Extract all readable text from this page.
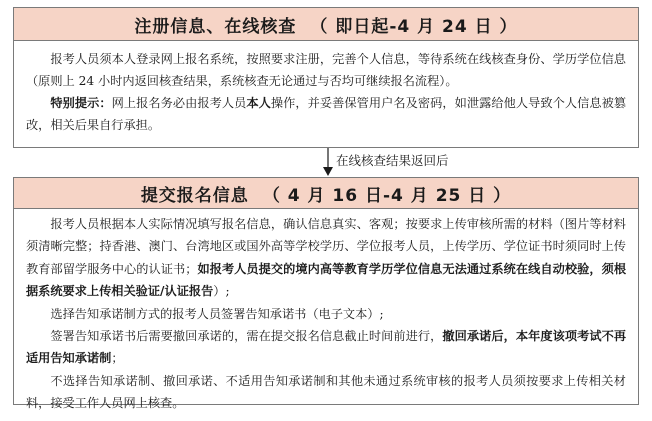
注册信息、在线核查 （ 即日起-4 月 24 日 ）

报考人员须本人登录网上报名系统，按照要求注册，完善个人信息，等待系统在线核查身份、学历学位信息（原则上 24 小时内返回核查结果，系统核查无论通过与否均可继续报名流程）。

特别提示：网上报名务必由报考人员本人操作，并妥善保管用户名及密码，如泄露给他人导致个人信息被篡改，相关后果自行承担。

在线核查结果返回后
提交报名信息 （ 4 月 16 日-4 月 25 日 ）

报考人员根据本人实际情况填写报名信息，确认信息真实、客观；按要求上传审核所需的材料（图片等材料须清晰完整；持香港、澳门、台湾地区或国外高等学校学历、学位报考人员，上传学历、学位证书时须同时上传教育部留学服务中心的认证书；如报考人员提交的境内高等教育学历学位信息无法通过系统在线自动校验，须根据系统要求上传相关验证/认证报告）;

选择告知承诺制方式的报考人员签署告知承诺书（电子文本）;

签署告知承诺书后需要撤回承诺的，需在提交报名信息截止时间前进行，撤回承诺后，本年度该项考试不再适用告知承诺制；

不选择告知承诺制、撤回承诺、不适用告知承诺制和其他未通过系统审核的报考人员须按要求上传相关材料，接受工作人员网上核查。
